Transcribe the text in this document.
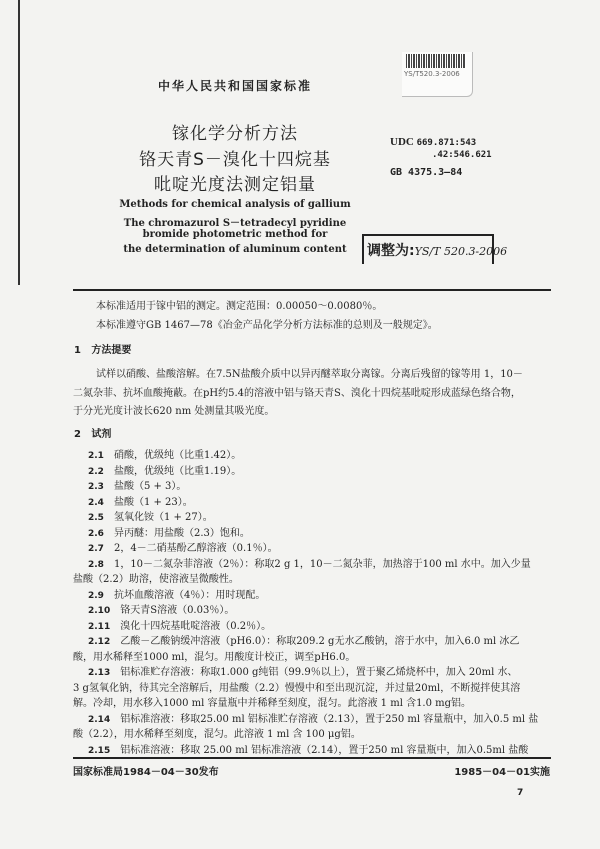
YS/T520.3-2006
中华人民共和国国家标准
镓化学分析方法
铬天青S－溴化十四烷基
吡啶光度法测定铝量
UDC 669.871:543
.42:546.621
GB 4375.3—84
Methods for chemical analysis of gallium
The chromazurol S－tetradecyl pyridine
bromide photometric method for
the determination of aluminum content	调整为:YS/T 520.3-2006
本标准适用于镓中铝的测定。测定范围：0.00050～0.0080％。
本标准遵守GB 1467—78《冶金产品化学分析方法标准的总则及一般规定》。
1 方法提要
试样以硝酸、盐酸溶解。在7.5N盐酸介质中以异丙醚萃取分离镓。分离后残留的镓等用 1，10－
二氮杂菲、抗坏血酸掩蔽。在pH约5.4的溶液中铝与铬天青S、溴化十四烷基吡啶形成蓝绿色络合物，
于分光光度计波长620 nm 处测量其吸光度。
2 试剂
2.1 硝酸，优级纯（比重1.42）。
2.2 盐酸，优级纯（比重1.19）。
2.3 盐酸（5 + 3）。
2.4 盐酸（1 + 23）。
2.5 氢氧化铵（1 + 27）。
2.6 异丙醚：用盐酸（2.3）饱和。
2.7 2，4－二硝基酚乙醇溶液（0.1％）。
2.8 1，10－二氮杂菲溶液（2％）：称取2 g 1，10－二氮杂菲，加热溶于100 ml 水中。加入少量
盐酸（2.2）助溶，使溶液呈微酸性。
2.9 抗坏血酸溶液（4％）：用时现配。
2.10 铬天青S溶液（0.03％）。
2.11 溴化十四烷基吡啶溶液（0.2％）。
2.12 乙酸－乙酸钠缓冲溶液（pH6.0）：称取209.2 g无水乙酸钠，溶于水中，加入6.0 ml 冰乙
酸，用水稀释至1000 ml，混匀。用酸度计校正，调至pH6.0。
2.13 铝标准贮存溶液：称取1.000 g纯铝（99.9％以上），置于聚乙烯烧杯中，加入 20ml 水、
3 g氢氧化钠，待其完全溶解后，用盐酸（2.2）慢慢中和至出现沉淀，并过量20ml，不断搅拌使其溶
解。冷却，用水移入1000 ml 容量瓶中并稀释至刻度，混匀。此溶液 1 ml 含1.0 mg铝。
2.14 铝标准溶液：移取25.00 ml 铝标准贮存溶液（2.13），置于250 ml 容量瓶中，加入0.5 ml 盐
酸（2.2），用水稀释至刻度，混匀。此溶液 1 ml 含 100 μg铝。
2.15 铝标准溶液：移取 25.00 ml 铝标准溶液（2.14），置于250 ml 容量瓶中，加入0.5ml 盐酸
国家标准局1984－04－30发布	1985－04－01实施
7
